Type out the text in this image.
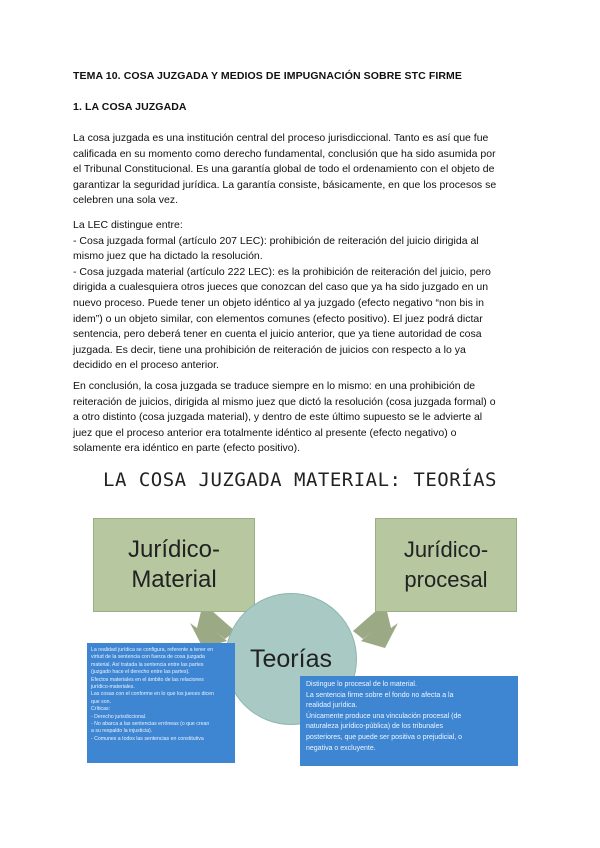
TEMA 10. COSA JUZGADA Y MEDIOS DE IMPUGNACIÓN SOBRE STC FIRME
1. LA COSA JUZGADA
La cosa juzgada es una institución central del proceso jurisdiccional. Tanto es así que fue
calificada en su momento como derecho fundamental, conclusión que ha sido asumida por
el Tribunal Constitucional. Es una garantía global de todo el ordenamiento con el objeto de
garantizar la seguridad jurídica. La garantía consiste, básicamente, en que los procesos se
celebren una sola vez.
La LEC distingue entre:
- Cosa juzgada formal (artículo 207 LEC): prohibición de reiteración del juicio dirigida al
mismo juez que ha dictado la resolución.
- Cosa juzgada material (artículo 222 LEC): es la prohibición de reiteración del juicio, pero
dirigida a cualesquiera otros jueces que conozcan del caso que ya ha sido juzgado en un
nuevo proceso. Puede tener un objeto idéntico al ya juzgado (efecto negativo “non bis in
idem”) o un objeto similar, con elementos comunes (efecto positivo). El juez podrá dictar
sentencia, pero deberá tener en cuenta el juicio anterior, que ya tiene autoridad de cosa
juzgada. Es decir, tiene una prohibición de reiteración de juicios con respecto a lo ya
decidido en el proceso anterior.
En conclusión, la cosa juzgada se traduce siempre en lo mismo: en una prohibición de
reiteración de juicios, dirigida al mismo juez que dictó la resolución (cosa juzgada formal) o
a otro distinto (cosa juzgada material), y dentro de este último supuesto se le advierte al
juez que el proceso anterior era totalmente idéntico al presente (efecto negativo) o
solamente era idéntico en parte (efecto positivo).
LA COSA JUZGADA MATERIAL: TEORÍAS
Jurídico-
Material
Jurídico-
procesal
Teorías
La realidad jurídica se configura, referente a tener en
virtud de la sentencia con fuerza de cosa juzgada
material. Así tratada la sentencia entre las partes
(juzgado hace el derecho entre las partes).
Efectos materiales en el ámbito de las relaciones
jurídico-materiales.
Las cosas con el conforme en lo que los jueces dicen
que son.
Críticas:
- Derecho jurisdiccional.
- No abarca a las sentencias erróneas (o que crean
a su respaldo la injusticia).
- Comunes a todos las sentencias en constitutiva
Distingue lo procesal de lo material.
La sentencia firme sobre el fondo no afecta a la
realidad jurídica.
Únicamente produce una vinculación procesal (de
naturaleza jurídico-pública) de los tribunales
posteriores, que puede ser positiva o prejudicial, o
negativa o excluyente.
